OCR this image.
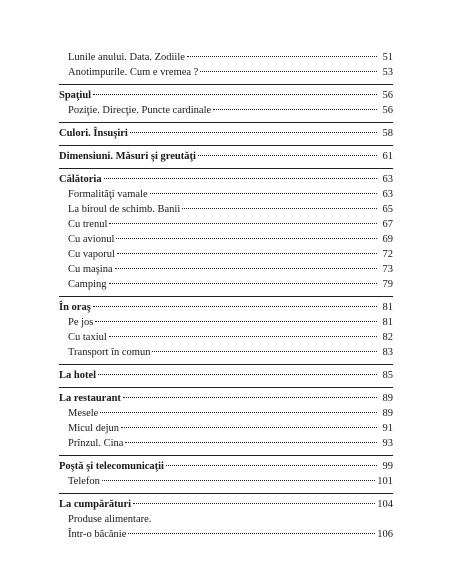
Lunile anului. Data. Zodiile	51
Anotimpurile. Cum e vremea ?	53
Spaţiul	56
Poziţie. Direcţie. Puncte cardinale	56
Culori. Însuşiri	58
Dimensiuni. Măsuri şi greutăţi	61
Călătoria	63
Formalităţi vamale	63
La biroul de schimb. Banii	65
Cu trenul	67
Cu avionul	69
Cu vaporul	72
Cu maşina	73
Camping	79
În oraş	81
Pe jos	81
Cu taxiul	82
Transport în comun	83
La hotel	85
La restaurant	89
Mesele	89
Micul dejun	91
Prînzul. Cina	93
Poştă şi telecomunicaţii	99
Telefon	101
La cumpărături	104
Produse alimentare.
Într-o băcănie	106
